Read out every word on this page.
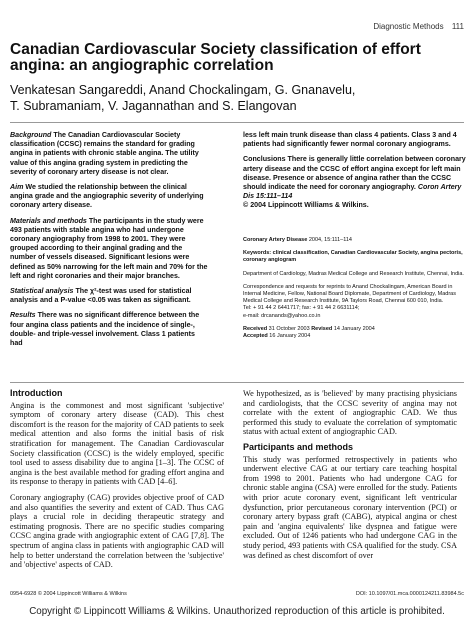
Diagnostic Methods 111
Canadian Cardiovascular Society classification of effort angina: an angiographic correlation
Venkatesan Sangareddi, Anand Chockalingam, G. Gnanavelu,
T. Subramaniam, V. Jagannathan and S. Elangovan

Background The Canadian Cardiovascular Society classification (CCSC) remains the standard for grading angina in patients with chronic stable angina. The utility value of this angina grading system in predicting the severity of coronary artery disease is not clear.

Aim We studied the relationship between the clinical angina grade and the angiographic severity of underlying coronary artery disease.

Materials and methods The participants in the study were 493 patients with stable angina who had undergone coronary angiography from 1998 to 2001. They were grouped according to their anginal grading and the number of vessels diseased. Significant lesions were defined as 50% narrowing for the left main and 70% for the left and right coronaries and their major branches.

Statistical analysis The χ²-test was used for statistical analysis and a P-value <0.05 was taken as significant.

Results There was no significant difference between the four angina class patients and the incidence of single-, double- and triple-vessel involvement. Class 1 patients had

less left main trunk disease than class 4 patients. Class 3 and 4 patients had significantly fewer normal coronary angiograms.

Conclusions There is generally little correlation between coronary artery disease and the CCSC of effort angina except for left main disease. Presence or absence of angina rather than the CCSC should indicate the need for coronary angiography. Coron Artery Dis 15:111–114
© 2004 Lippincott Williams & Wilkins.

Coronary Artery Disease 2004, 15:111–114

Keywords: clinical classification, Canadian Cardiovascular Society, angina pectoris, coronary angiogram

Department of Cardiology, Madras Medical College and Research Institute, Chennai, India.

Correspondence and requests for reprints to Anand Chockalingam, American Board in Internal Medicine, Fellow, National Board Diplomate, Department of Cardiology, Madras Medical College and Research Institute, 9A Taylors Road, Chennai 600 010, India.
Tel: + 91 44 2 6441717; fax: + 91 44 2 6631114;
e-mail: drcanands@yahoo.co.in

Received 31 October 2003 Revised 14 January 2004
Accepted 16 January 2004

Introduction

Angina is the commonest and most significant 'subjective' symptom of coronary artery disease (CAD). This chest discomfort is the reason for the majority of CAD patients to seek medical attention and also forms the initial basis of risk stratification for management. The Canadian Cardiovascular Society classification (CCSC) is the widely employed, specific tool used to assess disability due to angina [1–3]. The CCSC of angina is the best available method for grading effort angina and its response to therapy in patients with CAD [4–6].

Coronary angiography (CAG) provides objective proof of CAD and also quantifies the severity and extent of CAD. Thus CAG plays a crucial role in deciding therapeutic strategy and estimating prognosis. There are no specific studies comparing CCSC angina grade with angiographic extent of CAG [7,8]. The spectrum of angina class in patients with angiographic CAD will help to better understand the correlation between the 'subjective' and 'objective' aspects of CAD.

We hypothesized, as is 'believed' by many practising physicians and cardiologists, that the CCSC severity of angina may not correlate with the extent of angiographic CAD. We thus performed this study to evaluate the correlation of symptomatic status with actual extent of angiographic CAD.

Participants and methods

This study was performed retrospectively in patients who underwent elective CAG at our tertiary care teaching hospital from 1998 to 2001. Patients who had undergone CAG for chronic stable angina (CSA) were enrolled for the study. Patients with prior acute coronary event, significant left ventricular dysfunction, prior percutaneous coronary intervention (PCI) or coronary artery bypass graft (CABG), atypical angina or chest pain and 'angina equivalents' like dyspnea and fatigue were excluded. Out of 1246 patients who had undergone CAG in the study period, 493 patients with CSA qualified for the study. CSA was defined as chest discomfort of over

0954-6928 © 2004 Lippincott Williams & Wilkins	DOI: 10.1097/01.mca.0000124211.83984.5c
Copyright © Lippincott Williams & Wilkins. Unauthorized reproduction of this article is prohibited.
